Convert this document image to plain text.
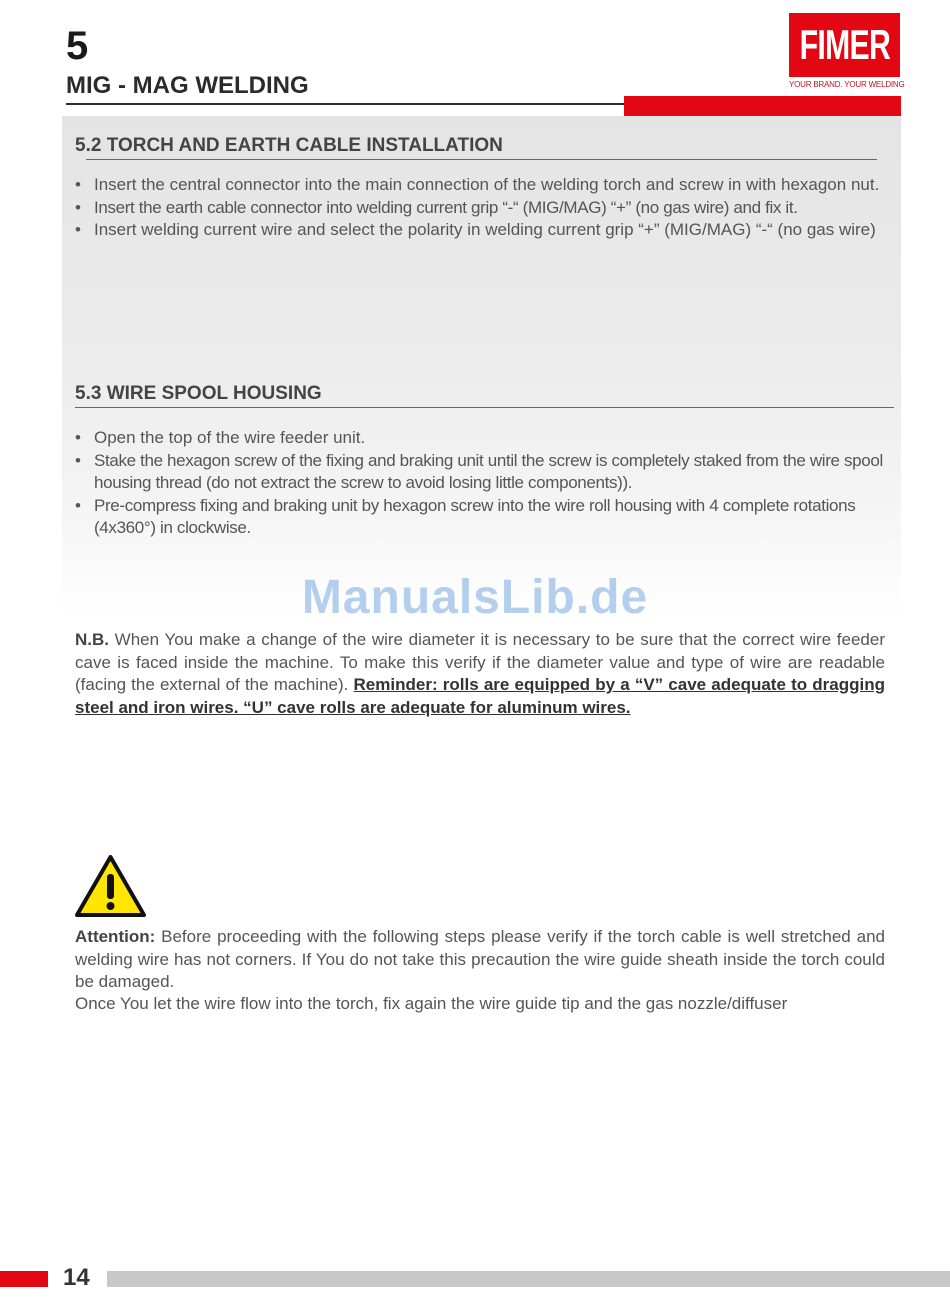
5
MIG - MAG WELDING
FIMER
YOUR BRAND. YOUR WELDING
5.2 TORCH AND EARTH CABLE INSTALLATION
• Insert the central connector into the main connection of the welding torch and screw in with hexagon nut.
• Insert the earth cable connector into welding current grip “-“ (MIG/MAG) “+” (no gas wire) and fix it.
• Insert welding current wire and select the polarity in welding current grip “+” (MIG/MAG) “-“ (no gas wire)
5.3 WIRE SPOOL HOUSING
• Open the top of the wire feeder unit.
• Stake the hexagon screw of the fixing and braking unit until the screw is completely staked from the wire spool housing thread (do not extract the screw to avoid losing little components)).
• Pre-compress fixing and braking unit by hexagon screw into the wire roll housing with 4 complete rotations (4x360°) in clockwise.
ManualsLib.de

N.B. When You make a change of the wire diameter it is necessary to be sure that the correct wire feeder cave is faced inside the machine. To make this verify if the diameter value and type of wire are readable (facing the external of the machine). Reminder: rolls are equipped by a “V” cave adequate to dragging steel and iron wires. “U” cave rolls are adequate for aluminum wires.

Attention: Before proceeding with the following steps please verify if the torch cable is well stretched and welding wire has not corners. If You do not take this precaution the wire guide sheath inside the torch could be damaged.

Once You let the wire flow into the torch, fix again the wire guide tip and the gas nozzle/diffuser

14
